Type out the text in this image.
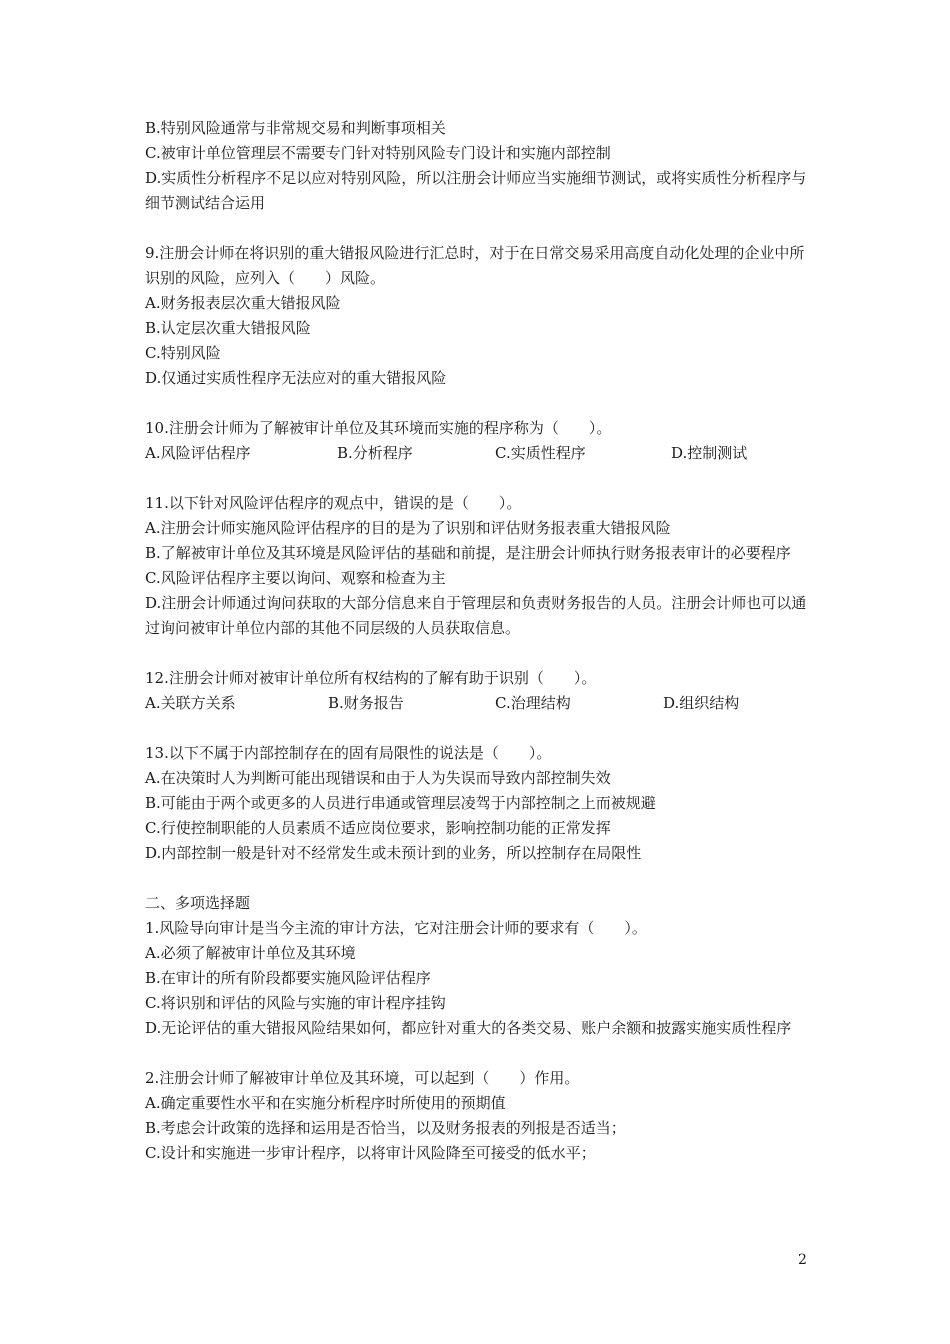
B.特别风险通常与非常规交易和判断事项相关
C.被审计单位管理层不需要专门针对特别风险专门设计和实施内部控制
D.实质性分析程序不足以应对特别风险，所以注册会计师应当实施细节测试，或将实质性分析程序与细节测试结合运用
9.注册会计师在将识别的重大错报风险进行汇总时，对于在日常交易采用高度自动化处理的企业中所识别的风险，应列入（　　）风险。
A.财务报表层次重大错报风险
B.认定层次重大错报风险
C.特别风险
D.仅通过实质性程序无法应对的重大错报风险
10.注册会计师为了解被审计单位及其环境而实施的程序称为（　　）。
A.风险评估程序	B.分析程序	C.实质性程序	D.控制测试
11.以下针对风险评估程序的观点中，错误的是（　　）。
A.注册会计师实施风险评估程序的目的是为了识别和评估财务报表重大错报风险
B.了解被审计单位及其环境是风险评估的基础和前提，是注册会计师执行财务报表审计的必要程序
C.风险评估程序主要以询问、观察和检查为主
D.注册会计师通过询问获取的大部分信息来自于管理层和负责财务报告的人员。注册会计师也可以通过询问被审计单位内部的其他不同层级的人员获取信息。
12.注册会计师对被审计单位所有权结构的了解有助于识别（　　）。
A.关联方关系	B.财务报告	C.治理结构	D.组织结构
13.以下不属于内部控制存在的固有局限性的说法是（　　）。
A.在决策时人为判断可能出现错误和由于人为失误而导致内部控制失效
B.可能由于两个或更多的人员进行串通或管理层凌驾于内部控制之上而被规避
C.行使控制职能的人员素质不适应岗位要求，影响控制功能的正常发挥
D.内部控制一般是针对不经常发生或未预计到的业务，所以控制存在局限性
二、多项选择题
1.风险导向审计是当今主流的审计方法，它对注册会计师的要求有（　　）。
A.必须了解被审计单位及其环境
B.在审计的所有阶段都要实施风险评估程序
C.将识别和评估的风险与实施的审计程序挂钩
D.无论评估的重大错报风险结果如何，都应针对重大的各类交易、账户余额和披露实施实质性程序
2.注册会计师了解被审计单位及其环境，可以起到（　　）作用。
A.确定重要性水平和在实施分析程序时所使用的预期值
B.考虑会计政策的选择和运用是否恰当，以及财务报表的列报是否适当；
C.设计和实施进一步审计程序，以将审计风险降至可接受的低水平；
2
